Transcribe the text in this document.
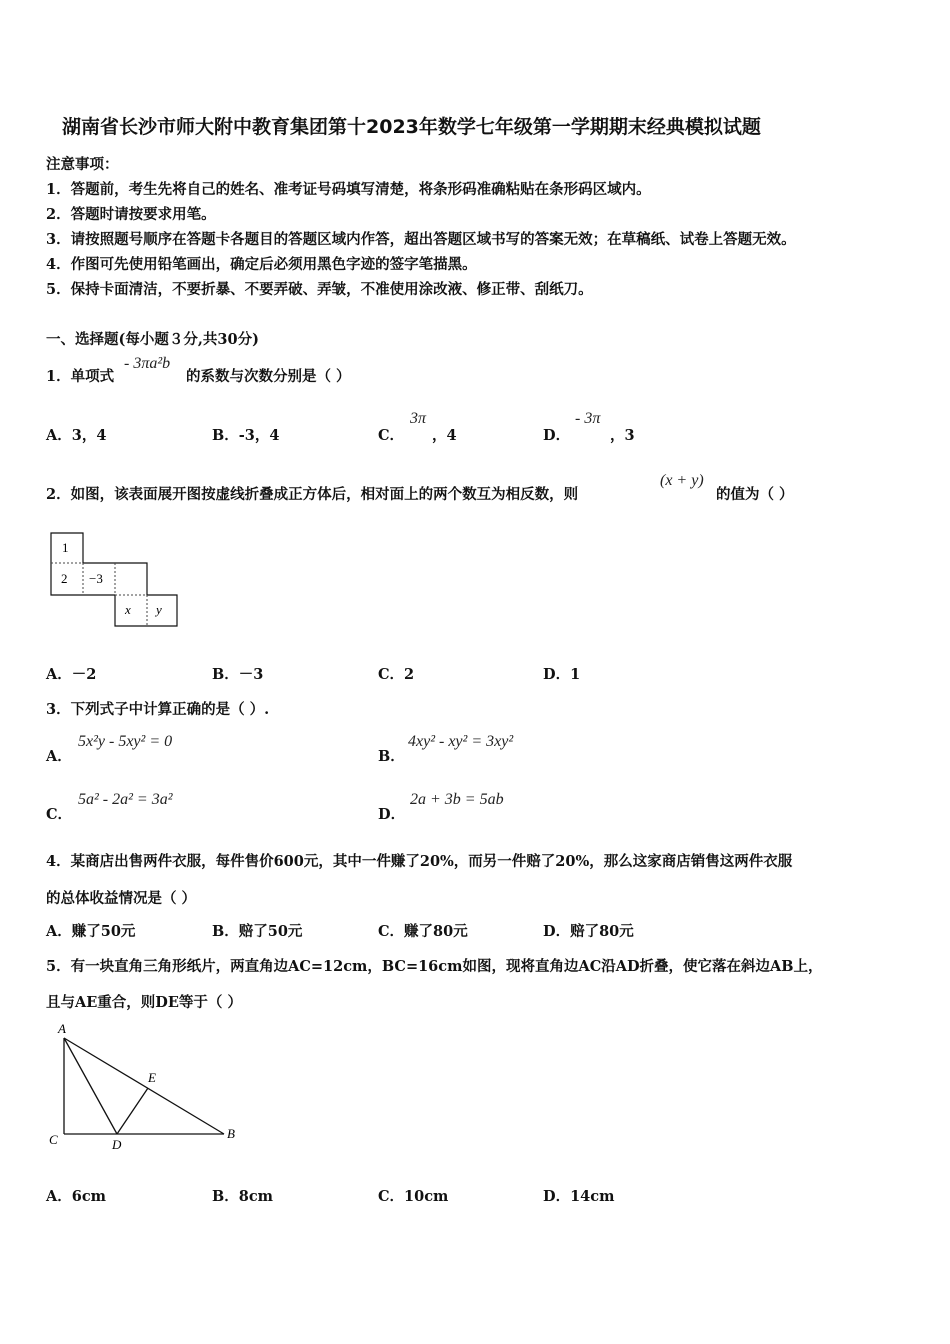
湖南省长沙市师大附中教育集团第十2023年数学七年级第一学期期末经典模拟试题
注意事项：
1．答题前，考生先将自己的姓名、准考证号码填写清楚，将条形码准确粘贴在条形码区域内。
2．答题时请按要求用笔。
3．请按照题号顺序在答题卡各题目的答题区域内作答，超出答题区域书写的答案无效；在草稿纸、试卷上答题无效。
4．作图可先使用铅笔画出，确定后必须用黑色字迹的签字笔描黑。
5．保持卡面清洁，不要折暴、不要弄破、弄皱，不准使用涂改液、修正带、刮纸刀。
一、选择题(每小题３分,共30分)
1．单项式
- 3πa²b
的系数与次数分别是（ ）
A．3，4	B．-3，4	C．
3π
，4	D．
- 3π
，3
2．如图，该表面展开图按虚线折叠成正方体后，相对面上的两个数互为相反数，则
(x + y)
的值为（ ）
1
2 −3
x y
A．－2	B．－3	C．2	D．1
3．下列式子中计算正确的是（ ）.
A．
5x²y - 5xy² = 0
B．
4xy² - xy² = 3xy²
C．
5a² - 2a² = 3a²
D．
2a + 3b = 5ab
4．某商店出售两件衣服，每件售价600元，其中一件赚了20%，而另一件赔了20%，那么这家商店销售这两件衣服
的总体收益情况是（ ）
A．赚了50元	B．赔了50元	C．赚了80元	D．赔了80元
5．有一块直角三角形纸片，两直角边AC=12cm，BC=16cm如图，现将直角边AC沿AD折叠，使它落在斜边AB上，
且与AE重合，则DE等于（ ）
A
E
C	D
B
A．6cm	B．8cm	C．10cm	D．14cm
